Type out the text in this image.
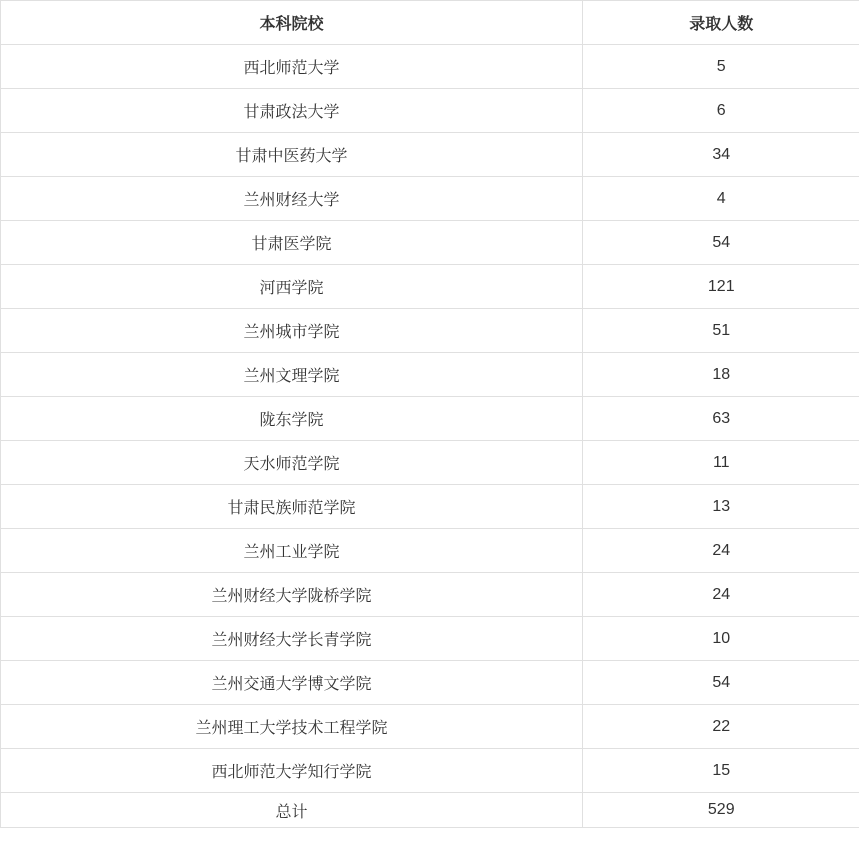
本科院校	录取人数
西北师范大学	5
甘肃政法大学	6
甘肃中医药大学	34
兰州财经大学	4
甘肃医学院	54
河西学院	121
兰州城市学院	51
兰州文理学院	18
陇东学院	63
天水师范学院	11
甘肃民族师范学院	13
兰州工业学院	24
兰州财经大学陇桥学院	24
兰州财经大学长青学院	10
兰州交通大学博文学院	54
兰州理工大学技术工程学院	22
西北师范大学知行学院	15
总计	529
